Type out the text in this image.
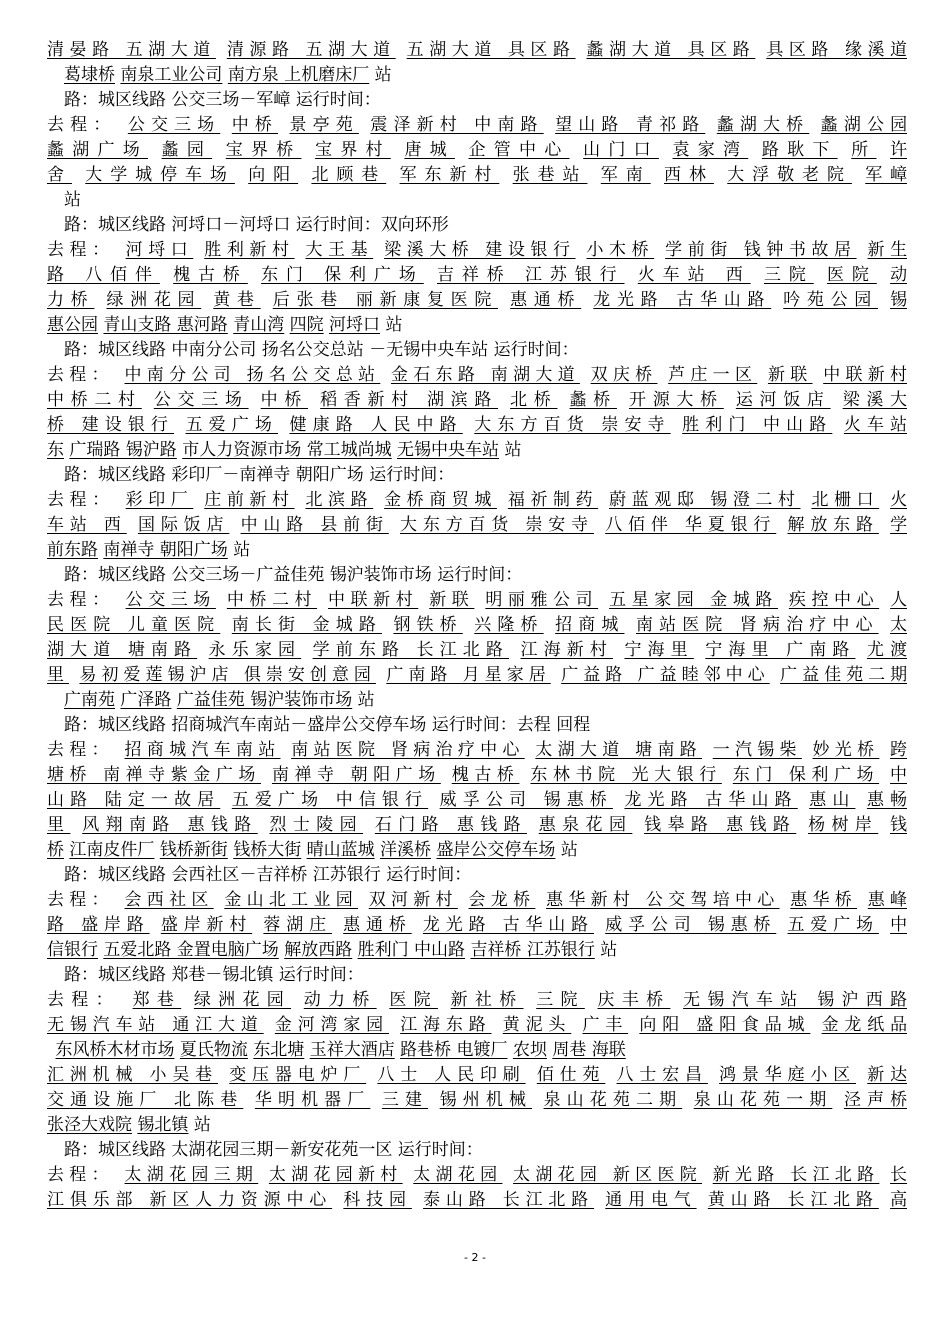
清晏路 五湖大道 清源路 五湖大道 五湖大道 具区路 蠡湖大道 具区路 具区路 缘溪道
葛埭桥 南泉工业公司 南方泉 上机磨床厂 站
路：城区线路 公交三场－军嶂 运行时间：
去程： 公交三场 中桥 景亭苑 震泽新村 中南路 望山路 青祁路 蠡湖大桥 蠡湖公园
蠡湖广场 蠡园 宝界桥 宝界村 唐城 企管中心 山门口 袁家湾 路耿下 所 许
舍 大学城停车场 向阳 北顾巷 军东新村 张巷站 军南 西林 大浮敬老院 军嶂
站
路：城区线路 河埒口－河埒口 运行时间：双向环形
去程： 河埒口 胜利新村 大王基 梁溪大桥 建设银行 小木桥 学前街 钱钟书故居 新生
路 八佰伴 槐古桥 东门 保利广场 吉祥桥 江苏银行 火车站 西 三院 医院 动
力桥 绿洲花园 黄巷 后张巷 丽新康复医院 惠通桥 龙光路 古华山路 吟苑公园 锡
惠公园 青山支路 惠河路 青山湾 四院 河埒口 站
路：城区线路 中南分公司 扬名公交总站 －无锡中央车站 运行时间：
去程： 中南分公司 扬名公交总站 金石东路 南湖大道 双庆桥 芦庄一区 新联 中联新村
中桥二村 公交三场 中桥 稻香新村 湖滨路 北桥 蠡桥 开源大桥 运河饭店 梁溪大
桥 建设银行 五爱广场 健康路 人民中路 大东方百货 崇安寺 胜利门 中山路 火车站
东 广瑞路 锡沪路 市人力资源市场 常工城尚城 无锡中央车站 站
路：城区线路 彩印厂－南禅寺 朝阳广场 运行时间：
去程： 彩印厂 庄前新村 北滨路 金桥商贸城 福祈制药 蔚蓝观邸 锡澄二村 北栅口 火
车站 西 国际饭店 中山路 县前街 大东方百货 崇安寺 八佰伴 华夏银行 解放东路 学
前东路 南禅寺 朝阳广场 站
路：城区线路 公交三场－广益佳苑 锡沪装饰市场 运行时间：
去程： 公交三场 中桥二村 中联新村 新联 明丽雅公司 五星家园 金城路 疾控中心 人
民医院 儿童医院 南长街 金城路 钢铁桥 兴隆桥 招商城 南站医院 肾病治疗中心 太
湖大道 塘南路 永乐家园 学前东路 长江北路 江海新村 宁海里 宁海里 广南路 尤渡
里 易初爱莲锡沪店 俱崇安创意园 广南路 月星家居 广益路 广益睦邻中心 广益佳苑二期
广南苑 广泽路 广益佳苑 锡沪装饰市场 站
路：城区线路 招商城汽车南站－盛岸公交停车场 运行时间：去程 回程
去程： 招商城汽车南站 南站医院 肾病治疗中心 太湖大道 塘南路 一汽锡柴 妙光桥 跨
塘桥 南禅寺紫金广场 南禅寺 朝阳广场 槐古桥 东林书院 光大银行 东门 保利广场 中
山路 陆定一故居 五爱广场 中信银行 威孚公司 锡惠桥 龙光路 古华山路 惠山 惠畅
里 风翔南路 惠钱路 烈士陵园 石门路 惠钱路 惠泉花园 钱皋路 惠钱路 杨树岸 钱
桥 江南皮件厂 钱桥新街 钱桥大街 晴山蓝城 洋溪桥 盛岸公交停车场 站
路：城区线路 会西社区－吉祥桥 江苏银行 运行时间：
去程： 会西社区 金山北工业园 双河新村 会龙桥 惠华新村 公交驾培中心 惠华桥 惠峰
路 盛岸路 盛岸新村 蓉湖庄 惠通桥 龙光路 古华山路 威孚公司 锡惠桥 五爱广场 中
信银行 五爱北路 金置电脑广场 解放西路 胜利门 中山路 吉祥桥 江苏银行 站
路：城区线路 郑巷－锡北镇 运行时间：
去程： 郑巷 绿洲花园 动力桥 医院 新社桥 三院 庆丰桥 无锡汽车站 锡沪西路
无锡汽车站 通江大道 金河湾家园 江海东路 黄泥头 广丰 向阳 盛阳食品城 金龙纸品
东风桥木材市场 夏氏物流 东北塘 玉祥大酒店 路巷桥 电镀厂 农坝 周巷 海联
汇洲机械 小吴巷 变压器电炉厂 八士 人民印刷 佰仕苑 八士宏昌 鸿景华庭小区 新达
交通设施厂 北陈巷 华明机器厂 三建 锡州机械 泉山花苑二期 泉山花苑一期 泾声桥
张泾大戏院 锡北镇 站
路：城区线路 太湖花园三期－新安花苑一区 运行时间：
去程： 太湖花园三期 太湖花园新村 太湖花园 太湖花园 新区医院 新光路 长江北路 长
江俱乐部 新区人力资源中心 科技园 泰山路 长江北路 通用电气 黄山路 长江北路 高
- 2 -
